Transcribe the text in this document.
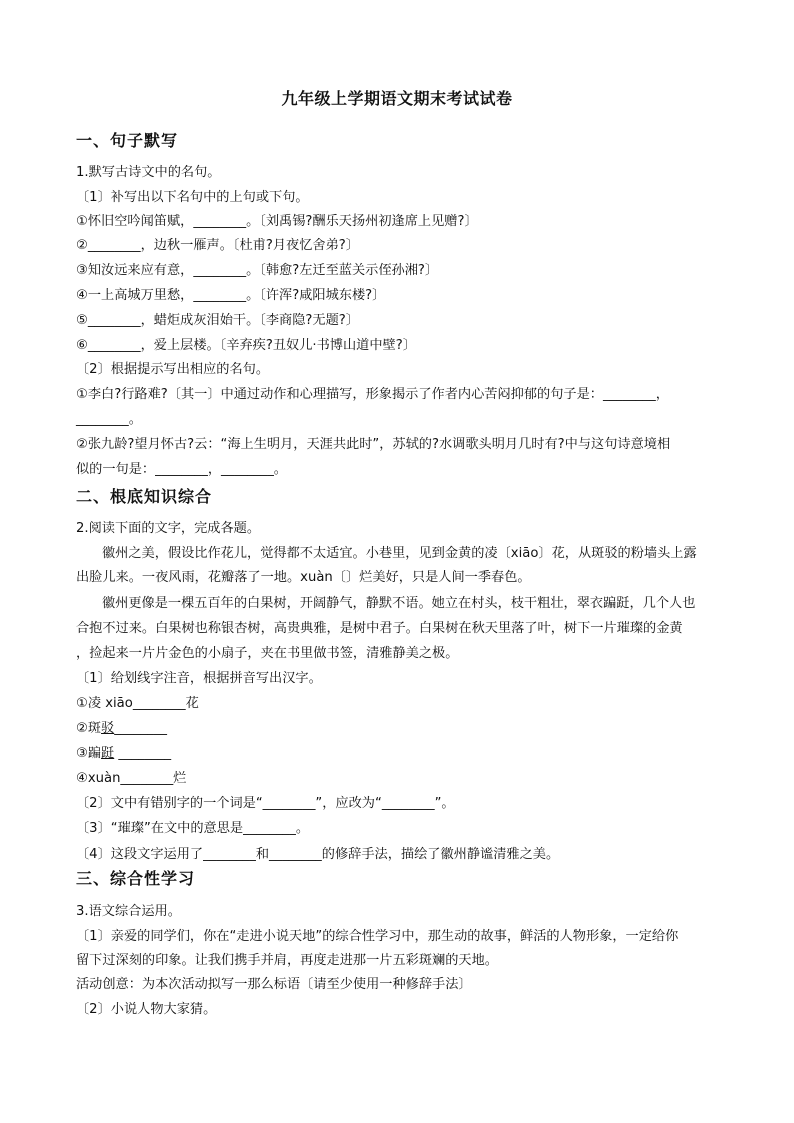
九年级上学期语文期末考试试卷
一、句子默写
1.默写古诗文中的名句。
〔1〕补写出以下名句中的上句或下句。
①怀旧空吟闻笛赋，________。〔刘禹锡?酬乐天扬州初逢席上见赠?〕
②________，边秋一雁声。〔杜甫?月夜忆舍弟?〕
③知汝远来应有意，________。〔韩愈?左迁至蓝关示侄孙湘?〕
④一上高城万里愁，________。〔许浑?咸阳城东楼?〕
⑤________，蜡炬成灰泪始干。〔李商隐?无题?〕
⑥________，爱上层楼。〔辛弃疾?丑奴儿·书博山道中壁?〕
〔2〕根据提示写出相应的名句。
①李白?行路难?〔其一〕中通过动作和心理描写，形象揭示了作者内心苦闷抑郁的句子是：________，
________。
②张九龄?望月怀古?云：“海上生明月，天涯共此时”，苏轼的?水调歌头明月几时有?中与这句诗意境相
似的一句是：________，________。
二、根底知识综合
2.阅读下面的文字，完成各题。
徽州之美，假设比作花儿，觉得都不太适宜。小巷里，见到金黄的凌〔xiāo〕花，从斑驳的粉墙头上露
出脸儿来。一夜风雨，花瓣落了一地。xuàn〔〕烂美好，只是人间一季春色。
徽州更像是一棵五百年的白果树，开阔静气，静默不语。她立在村头，枝干粗壮，翠衣蹁跹，几个人也
合抱不过来。白果树也称银杏树，高贵典雅，是树中君子。白果树在秋天里落了叶，树下一片璀璨的金黄
，捡起来一片片金色的小扇子，夹在书里做书签，清雅静美之极。
〔1〕给划线字注音，根据拼音写出汉字。
①凌 xiāo________花
②斑驳________
③蹁跹 ________
④xuàn________烂
〔2〕文中有错别字的一个词是“________”，应改为“________”。
〔3〕“璀璨”在文中的意思是________。
〔4〕这段文字运用了________和________的修辞手法，描绘了徽州静谧清雅之美。
三、综合性学习
3.语文综合运用。
〔1〕亲爱的同学们，你在“走进小说天地”的综合性学习中，那生动的故事，鲜活的人物形象，一定给你
留下过深刻的印象。让我们携手并肩，再度走进那一片五彩斑斓的天地。
活动创意：为本次活动拟写一那么标语〔请至少使用一种修辞手法〕
〔2〕小说人物大家猜。
